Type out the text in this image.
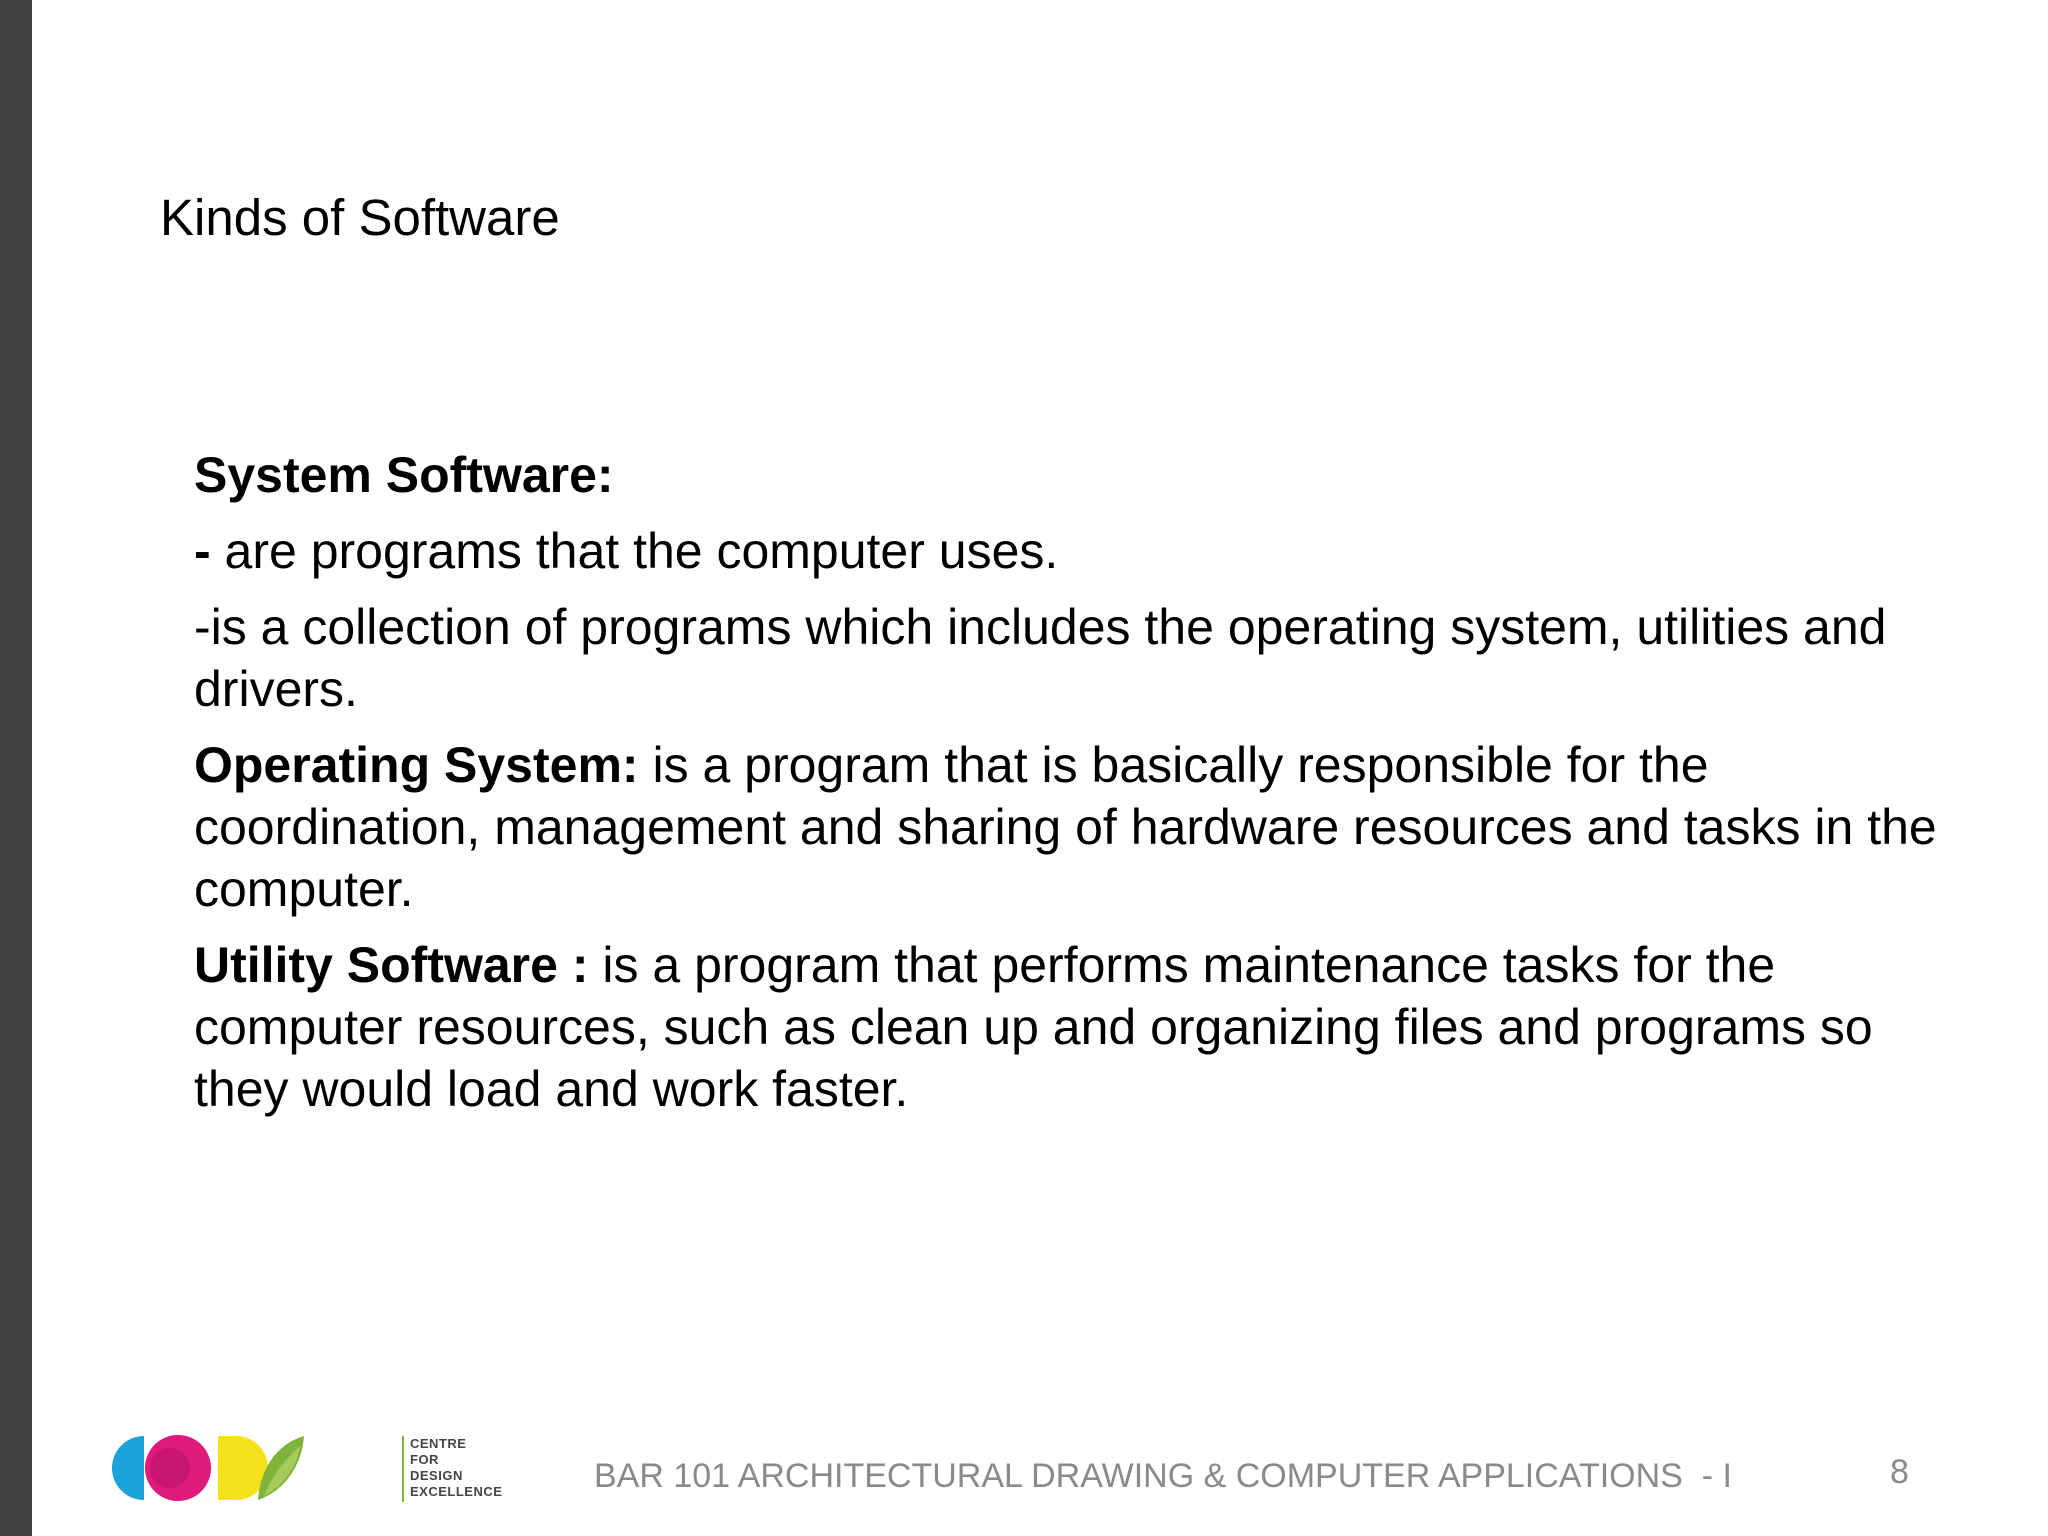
Kinds of Software

System Software:

- are programs that the computer uses.

-is a collection of programs which includes the operating system, utilities and drivers.

Operating System: is a program that is basically responsible for the coordination, management and sharing of hardware resources and tasks in the computer.

Utility Software : is a program that performs maintenance tasks for the computer resources, such as clean up and organizing files and programs so they would load and work faster.

CENTRE
FOR
DESIGN
EXCELLENCE	BAR 101 ARCHITECTURAL DRAWING & COMPUTER APPLICATIONS  - I	8
